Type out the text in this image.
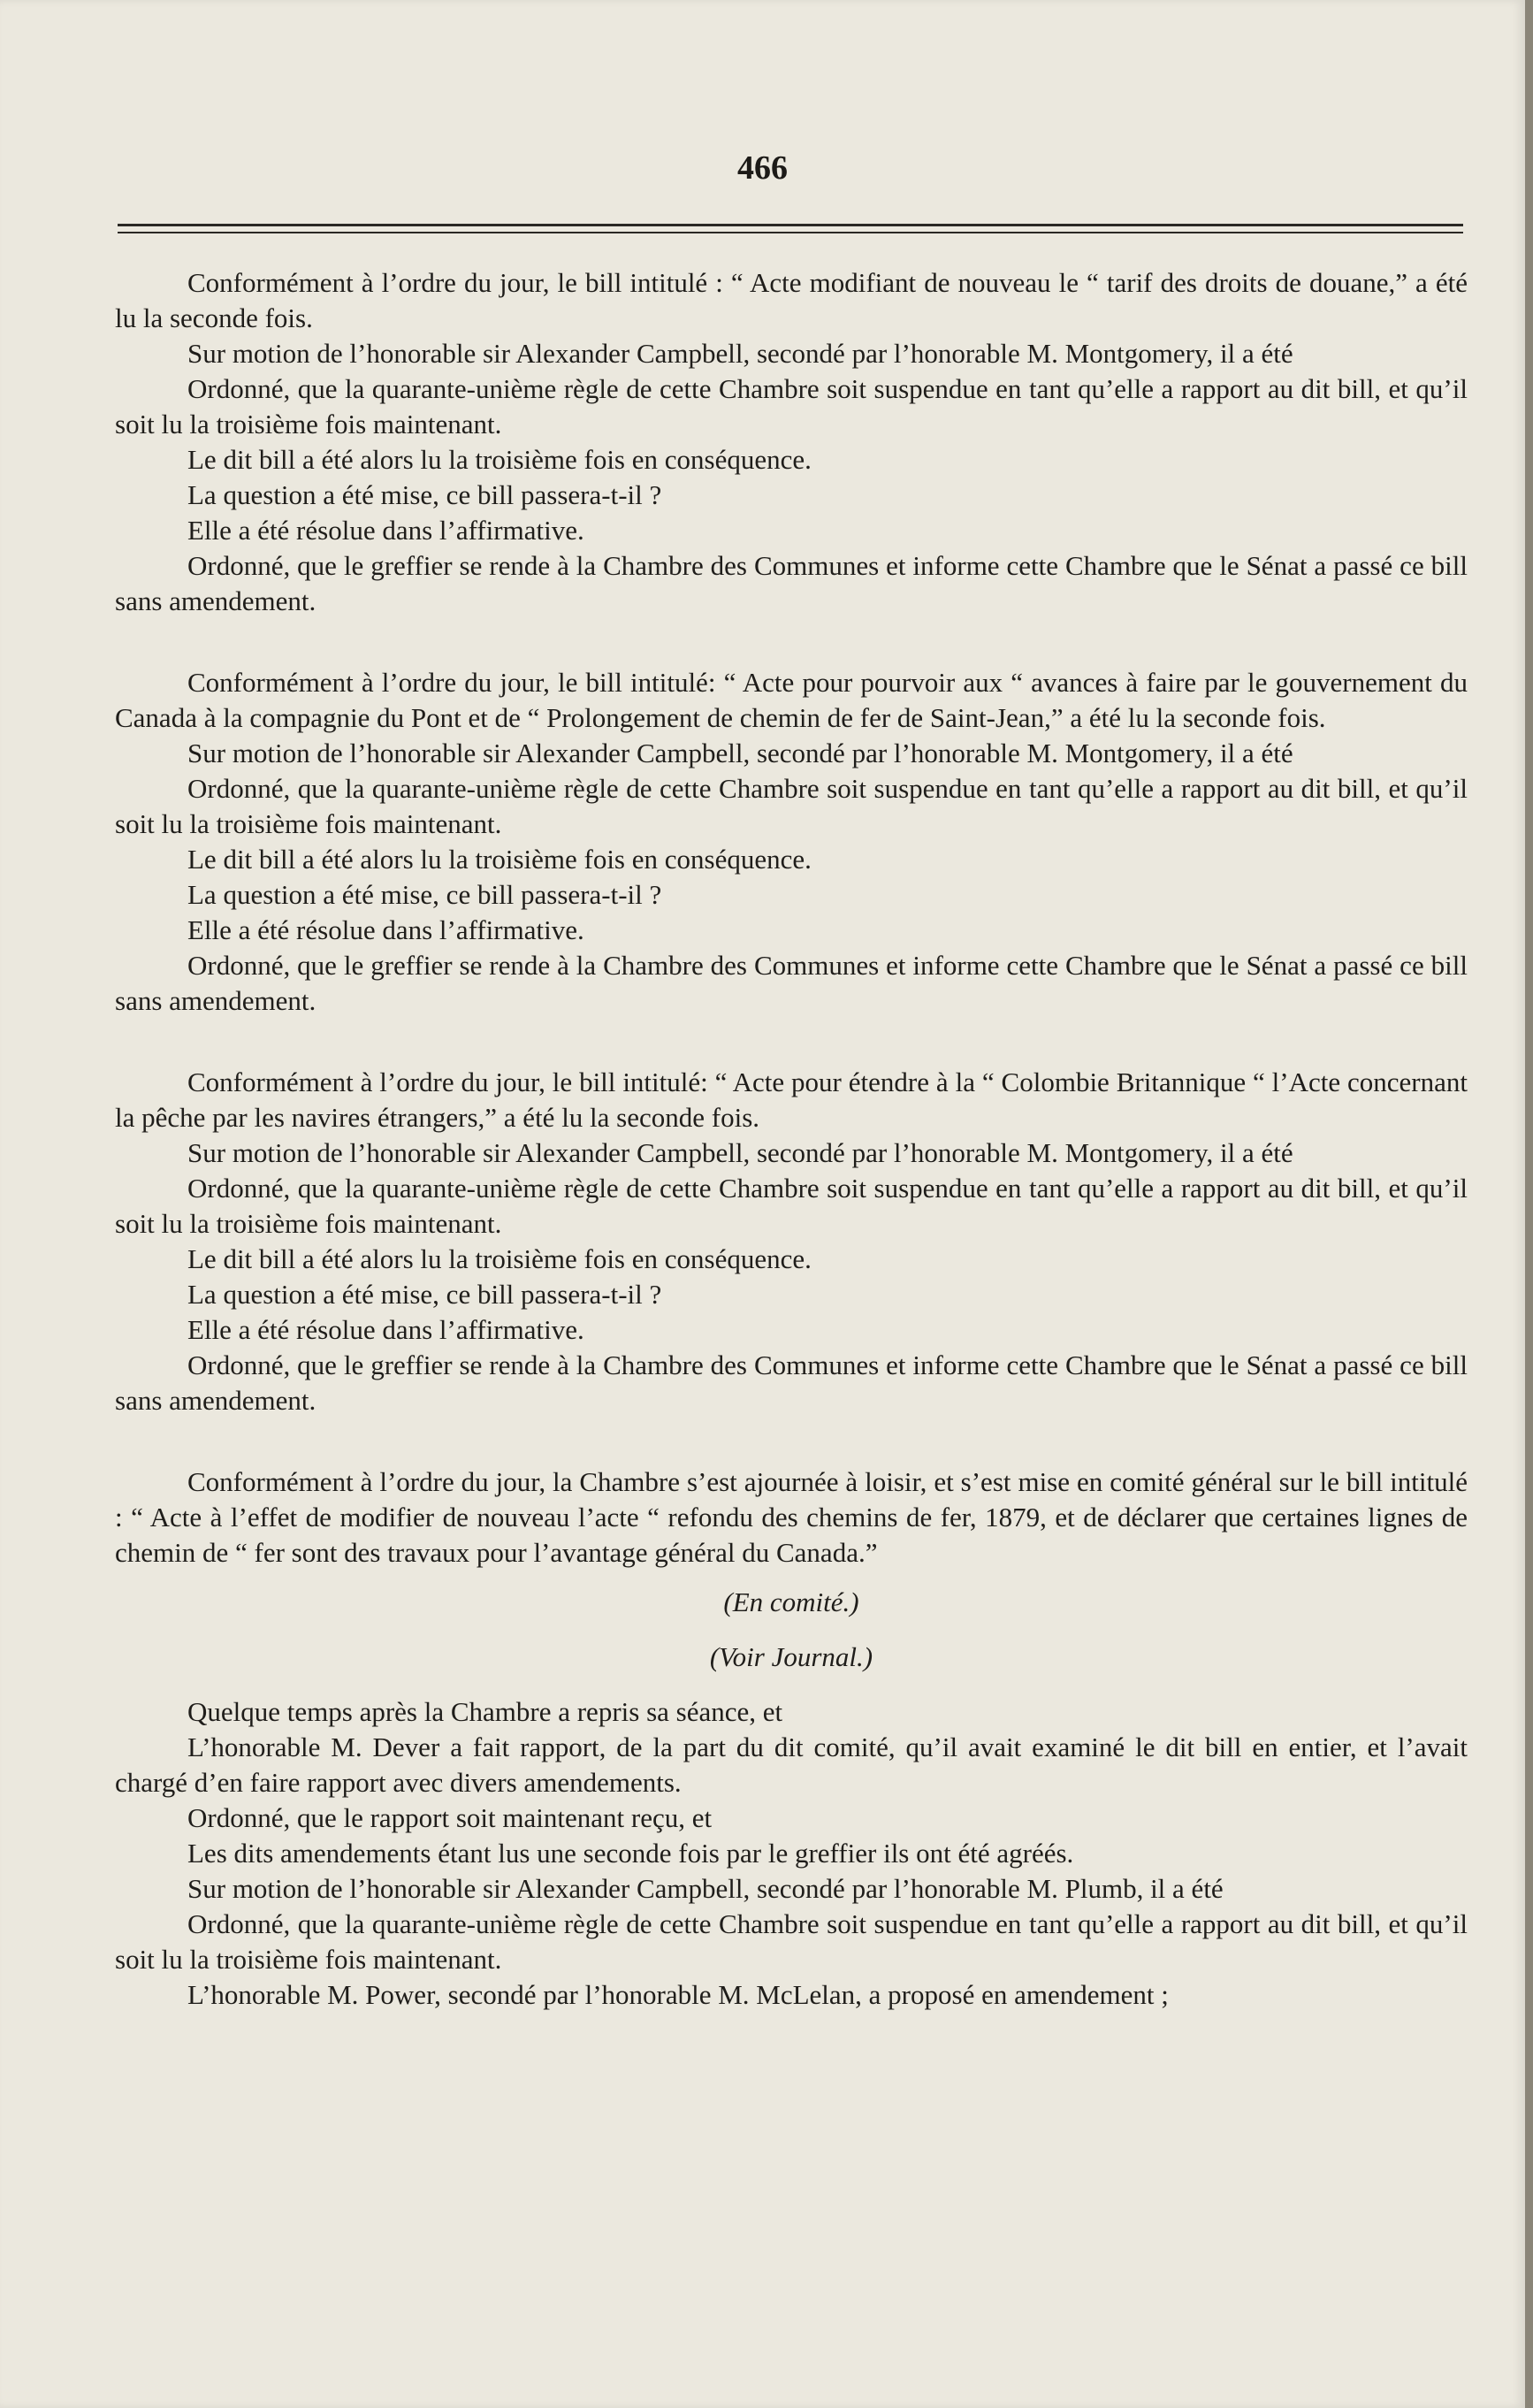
466

Conformément à l’ordre du jour, le bill intitulé : “ Acte modifiant de nouveau le “ tarif des droits de douane,” a été lu la seconde fois.

Sur motion de l’honorable sir Alexander Campbell, secondé par l’honorable M. Montgomery, il a été

Ordonné, que la quarante-unième règle de cette Chambre soit suspendue en tant qu’elle a rapport au dit bill, et qu’il soit lu la troisième fois maintenant.

Le dit bill a été alors lu la troisième fois en conséquence.

La question a été mise, ce bill passera-t-il ?

Elle a été résolue dans l’affirmative.

Ordonné, que le greffier se rende à la Chambre des Communes et informe cette Chambre que le Sénat a passé ce bill sans amendement.

Conformément à l’ordre du jour, le bill intitulé: “ Acte pour pourvoir aux “ avances à faire par le gouvernement du Canada à la compagnie du Pont et de “ Prolongement de chemin de fer de Saint-Jean,” a été lu la seconde fois.

Sur motion de l’honorable sir Alexander Campbell, secondé par l’honorable M. Montgomery, il a été

Ordonné, que la quarante-unième règle de cette Chambre soit suspendue en tant qu’elle a rapport au dit bill, et qu’il soit lu la troisième fois maintenant.

Le dit bill a été alors lu la troisième fois en conséquence.

La question a été mise, ce bill passera-t-il ?

Elle a été résolue dans l’affirmative.

Ordonné, que le greffier se rende à la Chambre des Communes et informe cette Chambre que le Sénat a passé ce bill sans amendement.

Conformément à l’ordre du jour, le bill intitulé: “ Acte pour étendre à la “ Colombie Britannique “ l’Acte concernant la pêche par les navires étrangers,” a été lu la seconde fois.

Sur motion de l’honorable sir Alexander Campbell, secondé par l’honorable M. Montgomery, il a été

Ordonné, que la quarante-unième règle de cette Chambre soit suspendue en tant qu’elle a rapport au dit bill, et qu’il soit lu la troisième fois maintenant.

Le dit bill a été alors lu la troisième fois en conséquence.

La question a été mise, ce bill passera-t-il ?

Elle a été résolue dans l’affirmative.

Ordonné, que le greffier se rende à la Chambre des Communes et informe cette Chambre que le Sénat a passé ce bill sans amendement.

Conformément à l’ordre du jour, la Chambre s’est ajournée à loisir, et s’est mise en comité général sur le bill intitulé : “ Acte à l’effet de modifier de nouveau l’acte “ refondu des chemins de fer, 1879, et de déclarer que certaines lignes de chemin de “ fer sont des travaux pour l’avantage général du Canada.”

(En comité.)

(Voir Journal.)

Quelque temps après la Chambre a repris sa séance, et

L’honorable M. Dever a fait rapport, de la part du dit comité, qu’il avait examiné le dit bill en entier, et l’avait chargé d’en faire rapport avec divers amendements.

Ordonné, que le rapport soit maintenant reçu, et

Les dits amendements étant lus une seconde fois par le greffier ils ont été agréés.

Sur motion de l’honorable sir Alexander Campbell, secondé par l’honorable M. Plumb, il a été

Ordonné, que la quarante-unième règle de cette Chambre soit suspendue en tant qu’elle a rapport au dit bill, et qu’il soit lu la troisième fois maintenant.

L’honorable M. Power, secondé par l’honorable M. McLelan, a proposé en amendement ;
